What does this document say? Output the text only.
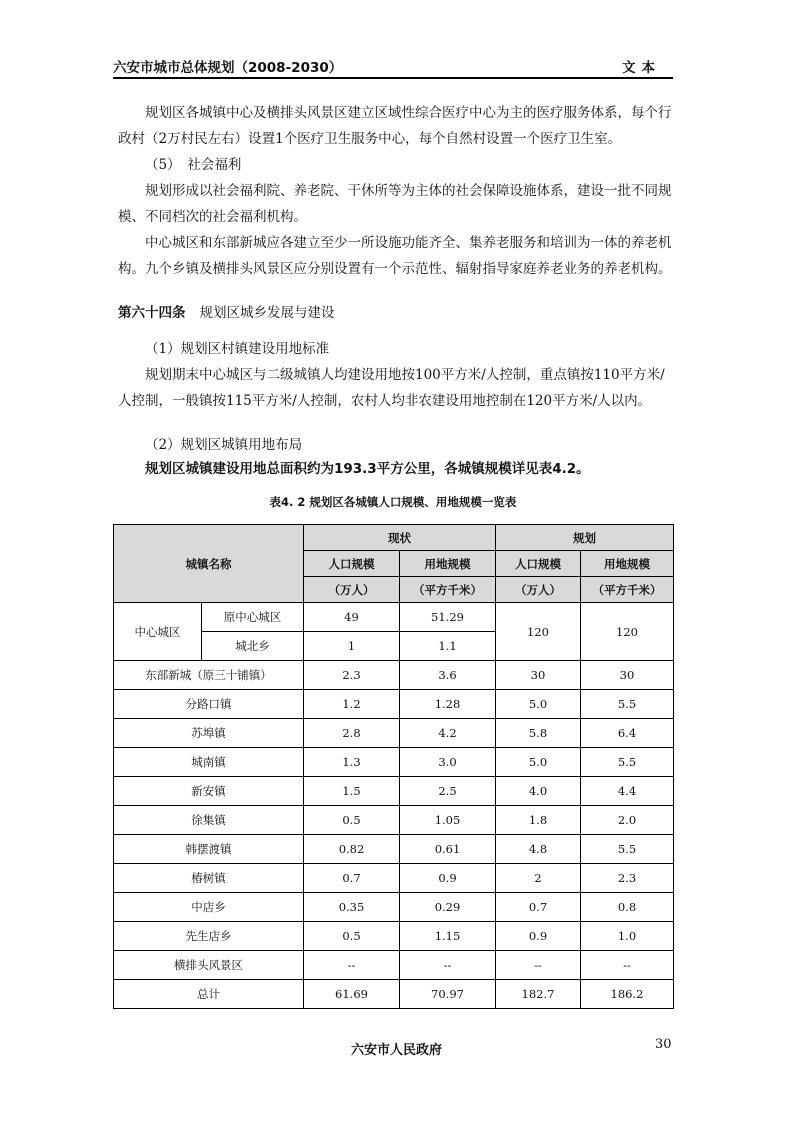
六安市城市总体规划（2008-2030）	文本

规划区各城镇中心及横排头风景区建立区域性综合医疗中心为主的医疗服务体系，每个行政村（2万村民左右）设置1个医疗卫生服务中心，每个自然村设置一个医疗卫生室。

（5）　社会福利

规划形成以社会福利院、养老院、干休所等为主体的社会保障设施体系，建设一批不同规模、不同档次的社会福利机构。

中心城区和东部新城应各建立至少一所设施功能齐全、集养老服务和培训为一体的养老机构。九个乡镇及横排头风景区应分别设置有一个示范性、辐射指导家庭养老业务的养老机构。

第六十四条 规划区城乡发展与建设

（1）规划区村镇建设用地标准

规划期末中心城区与二级城镇人均建设用地按100平方米/人控制，重点镇按110平方米/人控制，一般镇按115平方米/人控制，农村人均非农建设用地控制在120平方米/人以内。

（2）规划区城镇用地布局

规划区城镇建设用地总面积约为193.3平方公里，各城镇规模详见表4.2。

表4. 2 规划区各城镇人口规模、用地规模一览表
城镇名称		现状		规划	
		人口规模	用地规模	人口规模	用地规模
		（万人）	（平方千米）	（万人）	（平方千米）
中心城区	原中心城区	49	51.29	120	120
	城北乡	1	1.1		
东部新城（原三十铺镇）		2.3	3.6	30	30
分路口镇		1.2	1.28	5.0	5.5
苏埠镇		2.8	4.2	5.8	6.4
城南镇		1.3	3.0	5.0	5.5
新安镇		1.5	2.5	4.0	4.4
徐集镇		0.5	1.05	1.8	2.0
韩摆渡镇		0.82	0.61	4.8	5.5
椿树镇		0.7	0.9	2	2.3
中店乡		0.35	0.29	0.7	0.8
先生店乡		0.5	1.15	0.9	1.0
横排头风景区		--	--	--	--
总计		61.69	70.97	182.7	186.2
六安市人民政府	30
